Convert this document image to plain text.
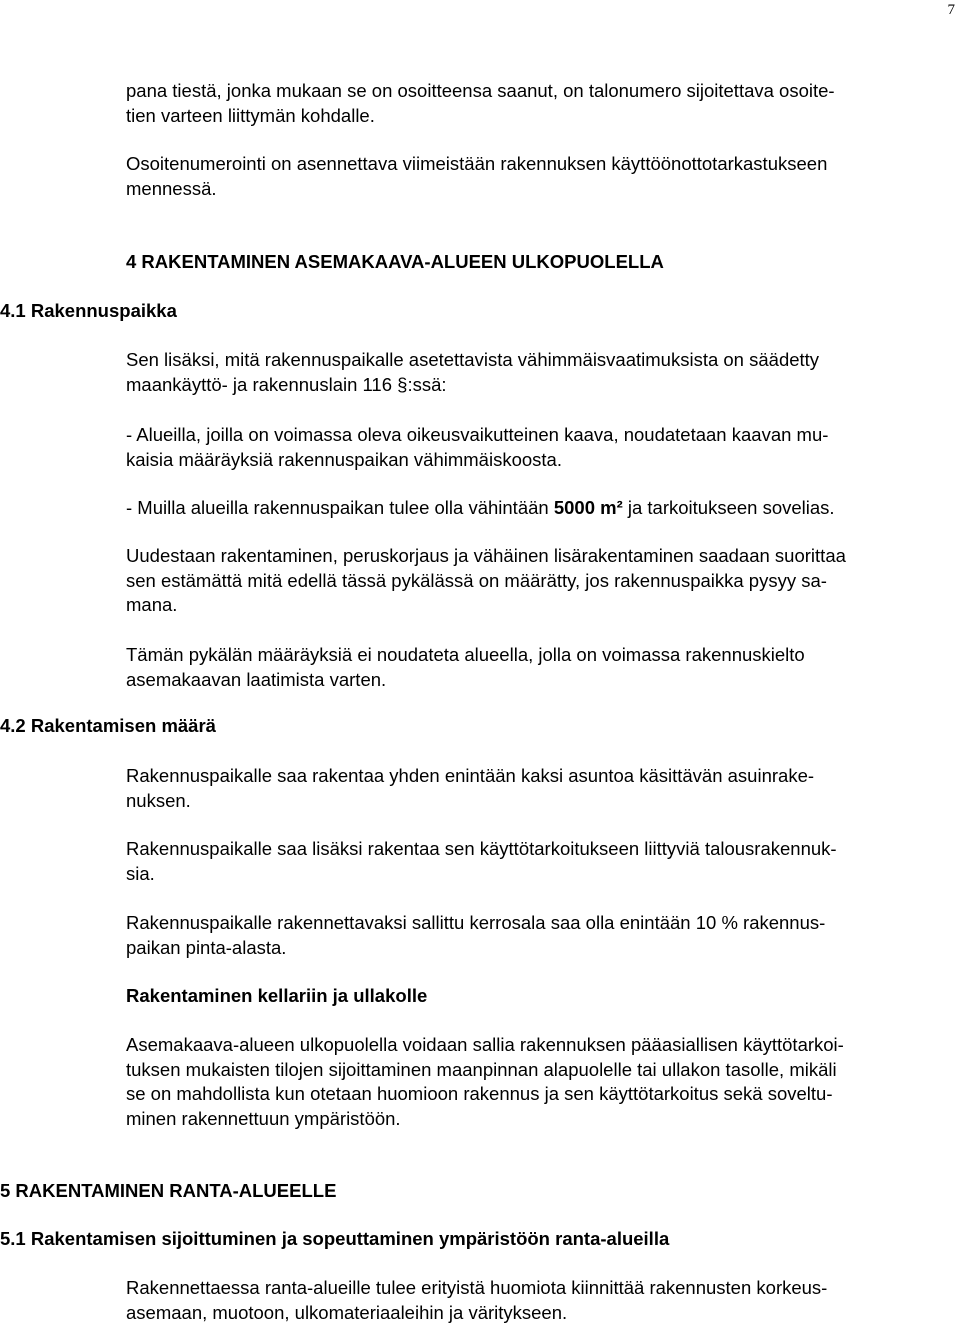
7
pana tiestä, jonka mukaan se on osoitteensa saanut, on talonumero sijoitettava osoite-
tien varteen liittymän kohdalle.
Osoitenumerointi on asennettava viimeistään rakennuksen käyttöönottotarkastukseen
mennessä.
4 RAKENTAMINEN ASEMAKAAVA-ALUEEN ULKOPUOLELLA
4.1 Rakennuspaikka
Sen lisäksi, mitä rakennuspaikalle asetettavista vähimmäisvaatimuksista on säädetty
maankäyttö- ja rakennuslain 116 §:ssä:
- Alueilla, joilla on voimassa oleva oikeusvaikutteinen kaava, noudatetaan kaavan mu-
kaisia määräyksiä rakennuspaikan vähimmäiskoosta.
- Muilla alueilla rakennuspaikan tulee olla vähintään 5000 m² ja tarkoitukseen sovelias.
Uudestaan rakentaminen, peruskorjaus ja vähäinen lisärakentaminen saadaan suorittaa
sen estämättä mitä edellä tässä pykälässä on määrätty, jos rakennuspaikka pysyy sa-
mana.
Tämän pykälän määräyksiä ei noudateta alueella, jolla on voimassa rakennuskielto
asemakaavan laatimista varten.
4.2 Rakentamisen määrä
Rakennuspaikalle saa rakentaa yhden enintään kaksi asuntoa käsittävän asuinrake-
nuksen.
Rakennuspaikalle saa lisäksi rakentaa sen käyttötarkoitukseen liittyviä talousrakennuk-
sia.
Rakennuspaikalle rakennettavaksi sallittu kerrosala saa olla enintään 10 % rakennus-
paikan pinta-alasta.
Rakentaminen kellariin ja ullakolle
Asemakaava-alueen ulkopuolella voidaan sallia rakennuksen pääasiallisen käyttötarkoi-
tuksen mukaisten tilojen sijoittaminen maanpinnan alapuolelle tai ullakon tasolle, mikäli
se on mahdollista kun otetaan huomioon rakennus ja sen käyttötarkoitus sekä soveltu-
minen rakennettuun ympäristöön.
5 RAKENTAMINEN RANTA-ALUEELLE
5.1 Rakentamisen sijoittuminen ja sopeuttaminen ympäristöön ranta-alueilla
Rakennettaessa ranta-alueille tulee erityistä huomiota kiinnittää rakennusten korkeus-
asemaan, muotoon, ulkomateriaaleihin ja väritykseen.
